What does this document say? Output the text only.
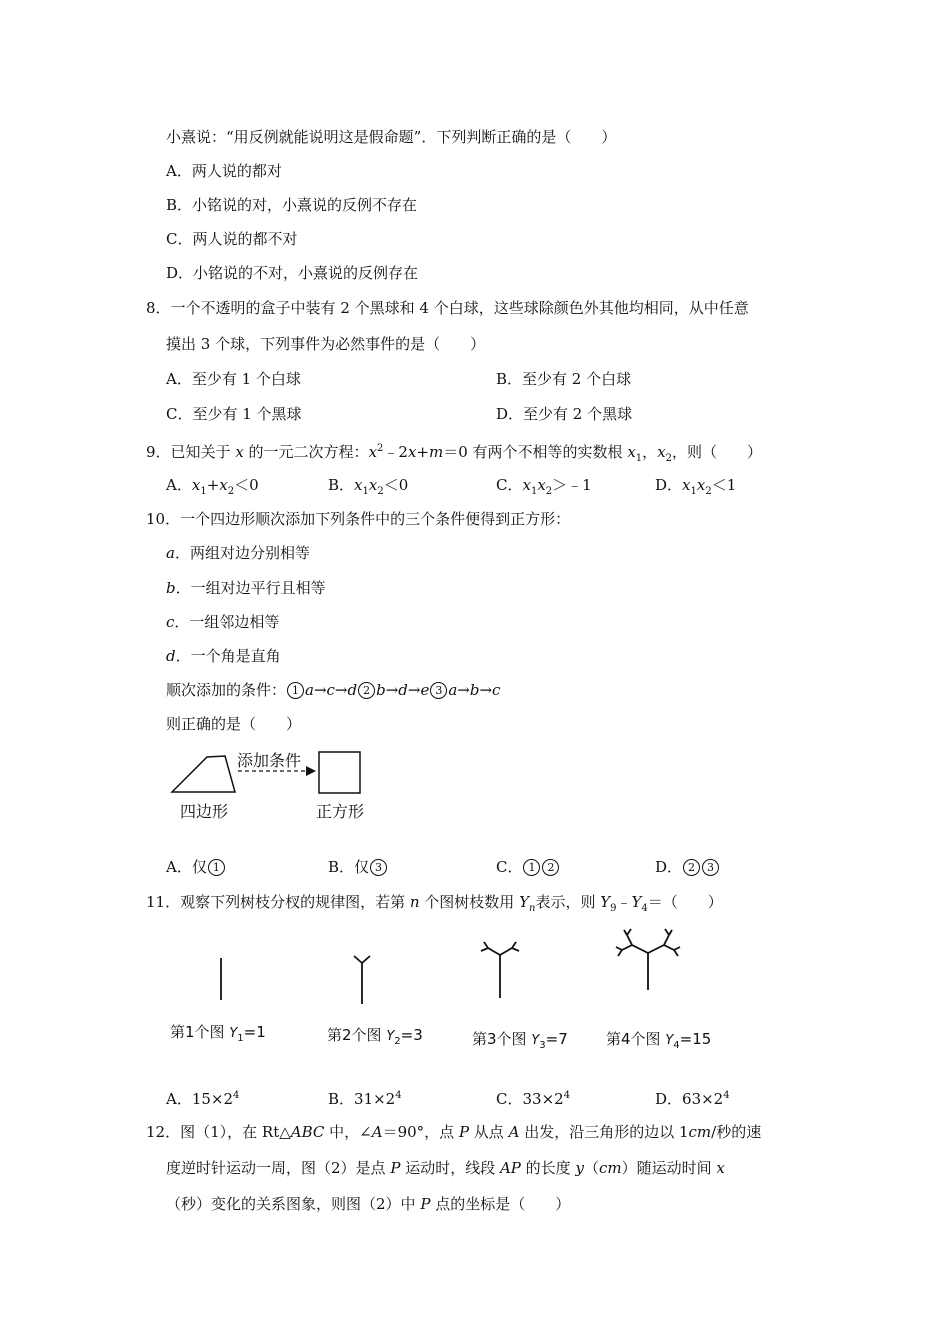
小熹说：“用反例就能说明这是假命题”．下列判断正确的是（　　）
A．两人说的都对
B．小铭说的对，小熹说的反例不存在
C．两人说的都不对
D．小铭说的不对，小熹说的反例存在
8．一个不透明的盒子中装有 2 个黑球和 4 个白球，这些球除颜色外其他均相同，从中任意
摸出 3 个球，下列事件为必然事件的是（　　）
A．至少有 1 个白球	B．至少有 2 个白球
C．至少有 1 个黑球	D．至少有 2 个黑球
9．已知关于 x 的一元二次方程：$x^2﹣2x+m=0$ 有两个不相等的实数根 $x_1$，$x_2$，则（　　）
A．$x_1+x_2<0$	B．$x_1x_2<0$	C．$x_1x_2>﹣1$	D．$x_1x_2<1$
10．一个四边形顺次添加下列条件中的三个条件便得到正方形：
a．两组对边分别相等
b．一组对边平行且相等
c．一组邻边相等
d．一个角是直角
顺次添加的条件： 1 a→c→d 2 b→d→e 3 a→b→c
则正确的是（　　）
添加条件
四边形	正方形
A．仅 1	B．仅 3	C． 1 2	D． 2 3
11．观察下列树枝分杈的规律图，若第 n 个图树枝数用 $Y_n$表示，则 $Y_9﹣Y_4=$（　　）
第1个图 $Y_1=1$	第2个图 $Y_2=3$	第3个图 $Y_3=7$	第4个图 $Y_4=15$
A．$15\times 2^4$	B．$31\times 2^4$	C．$33\times 2^4$	D．$63\times 2^4$
12．图（1），在 Rt△ABC 中，∠A＝90°，点 P 从点 A 出发，沿三角形的边以 1cm/秒的速
度逆时针运动一周，图（2）是点 P 运动时，线段 AP 的长度 y（cm）随运动时间 x
（秒）变化的关系图象，则图（2）中 P 点的坐标是（　　）
